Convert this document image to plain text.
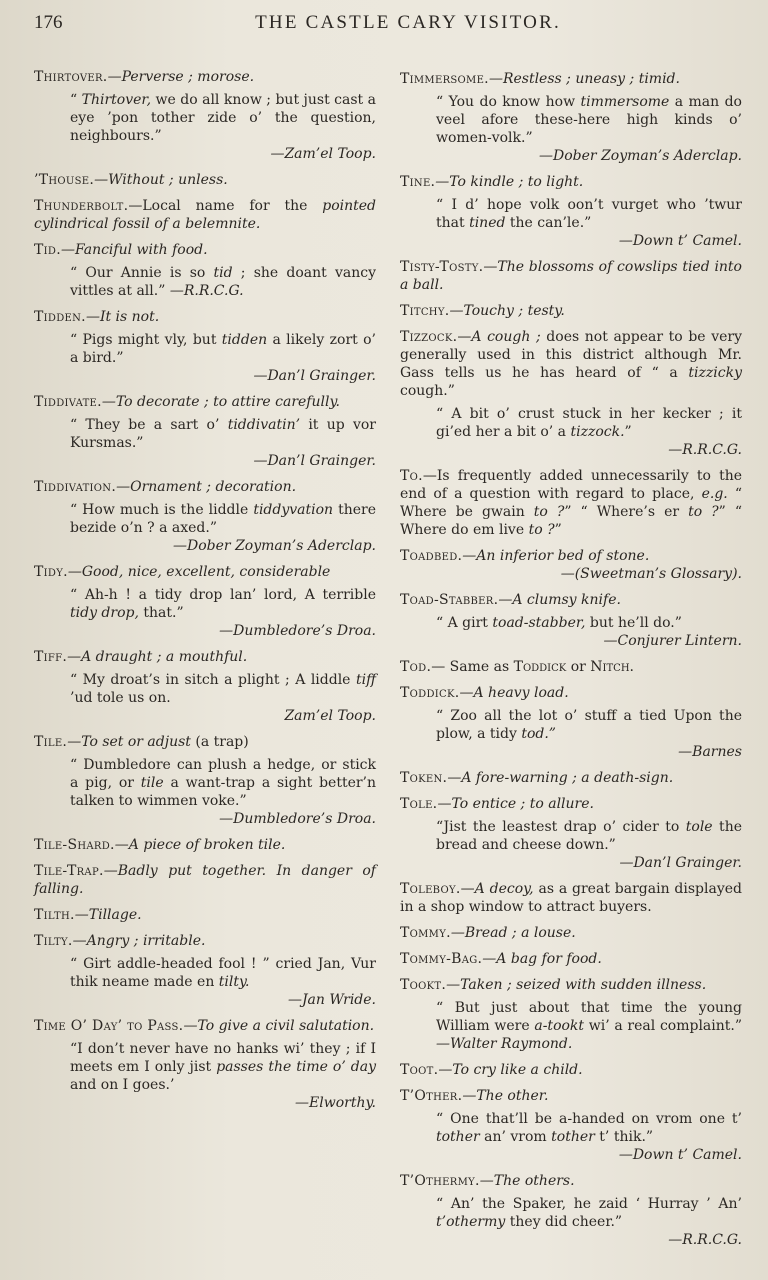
176	THE CASTLE CARY VISITOR.
Thirtover.—Perverse ; morose.
“ Thirtover, we do all know ; but just cast a eye ’pon tother zide o’ the question, neighbours.”
—Zam’el Toop.
’Thouse.—Without ; unless.
Thunderbolt.—Local name for the pointed cylindrical fossil of a belemnite.
Tid.—Fanciful with food.
“ Our Annie is so tid ; she doant vancy vittles at all.” —R.R.C.G.
Tidden.—It is not.
“ Pigs might vly, but tidden a likely zort o’ a bird.”
—Dan’l Grainger.
Tiddivate.—To decorate ; to attire carefully.
“ They be a sart o’ tiddivatin’ it up vor Kursmas.”
—Dan’l Grainger.
Tiddivation.—Ornament ; decoration.
“ How much is the liddle tiddyvation there bezide o’n ? a axed.”
—Dober Zoyman’s Aderclap.
Tidy.—Good, nice, excellent, considerable
“ Ah-h ! a tidy drop lan’ lord, A terrible tidy drop, that.”
—Dumbledore’s Droa.
Tiff.—A draught ; a mouthful.
“ My droat’s in sitch a plight ; A liddle tiff ’ud tole us on.
Zam’el Toop.
Tile.—To set or adjust (a trap)
“ Dumbledore can plush a hedge, or stick a pig, or tile a want-trap a sight better’n talken to wimmen voke.”
—Dumbledore’s Droa.
Tile-Shard.—A piece of broken tile.
Tile-Trap.—Badly put together. In danger of falling.
Tilth.—Tillage.
Tilty.—Angry ; irritable.
“ Girt addle-headed fool ! ” cried Jan, Vur thik neame made en tilty.
—Jan Wride.
Time O’ Day’ to Pass.—To give a civil salutation.
“I don’t never have no hanks wi’ they ; if I meets em I only jist passes the time o’ day and on I goes.’
—Elworthy.
Timmersome.—Restless ; uneasy ; timid.
“ You do know how timmersome a man do veel afore these-here high kinds o’ women-volk.”
—Dober Zoyman’s Aderclap.
Tine.—To kindle ; to light.
“ I d’ hope volk oon’t vurget who ’twur that tined the can’le.”
—Down t’ Camel.
Tisty-Tosty.—The blossoms of cowslips tied into a ball.
Titchy.—Touchy ; testy.
Tizzock.—A cough ; does not appear to be very generally used in this district although Mr. Gass tells us he has heard of “ a tizzicky cough.”
“ A bit o’ crust stuck in her kecker ; it gi’ed her a bit o’ a tizzock.”
—R.R.C.G.
To.—Is frequently added unnecessarily to the end of a question with regard to place, e.g. “ Where be gwain to ?” “ Where’s er to ?” “ Where do em live to ?”
Toadbed.—An inferior bed of stone.
—(Sweetman’s Glossary).
Toad-Stabber.—A clumsy knife.
“ A girt toad-stabber, but he’ll do.”
—Conjurer Lintern.
Tod.— Same as Toddick or Nitch.
Toddick.—A heavy load.
“ Zoo all the lot o’ stuff a tied Upon the plow, a tidy tod.”
—Barnes
Token.—A fore-warning ; a death-sign.
Tole.—To entice ; to allure.
“Jist the leastest drap o’ cider to tole the bread and cheese down.”
—Dan’l Grainger.
Toleboy.—A decoy, as a great bargain displayed in a shop window to attract buyers.
Tommy.—Bread ; a louse.
Tommy-Bag.—A bag for food.
Tookt.—Taken ; seized with sudden illness.
“ But just about that time the young William were a-tookt wi’ a real complaint.” —Walter Raymond.
Toot.—To cry like a child.
T’Other.—The other.
“ One that’ll be a-handed on vrom one t’ tother an’ vrom tother t’ thik.”
—Down t’ Camel.
T’Othermy.—The others.
“ An’ the Spaker, he zaid ‘ Hurray ’ An’ t’othermy they did cheer.”
—R.R.C.G.
